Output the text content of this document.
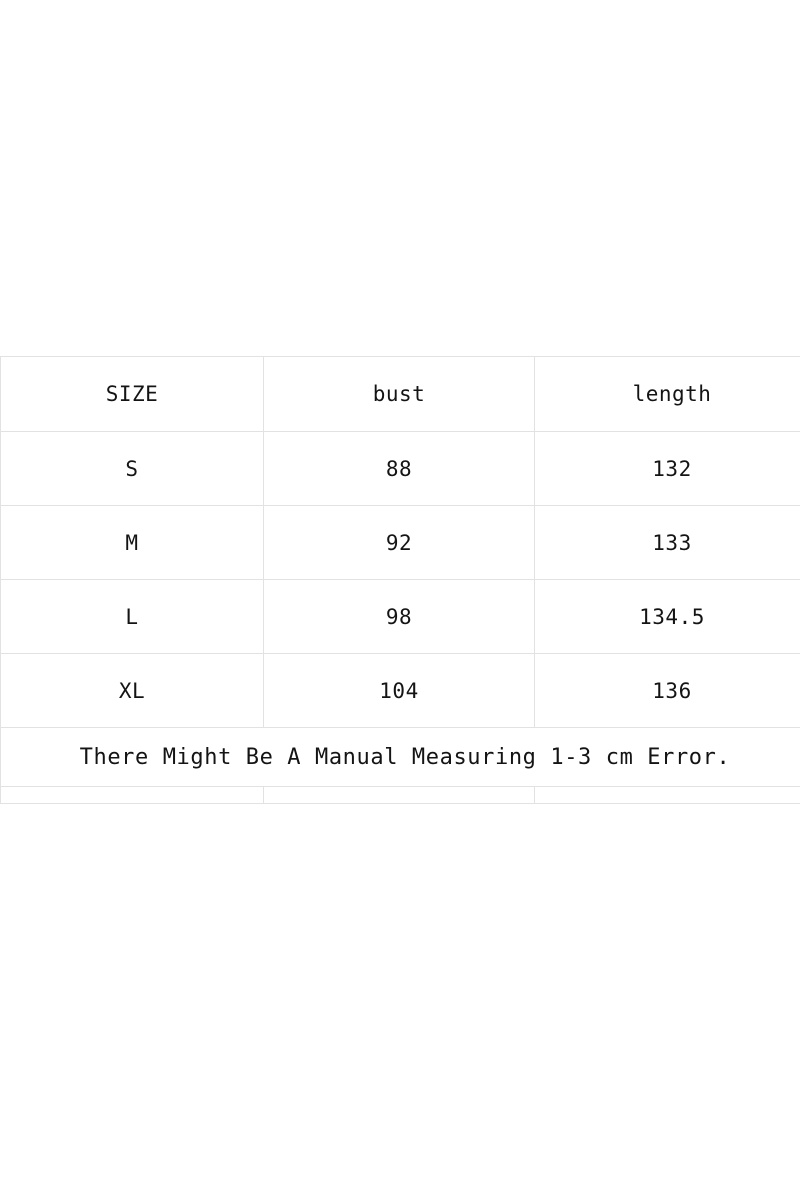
SIZE	bust	length
S	88	132
M	92	133
L	98	134.5
XL	104	136
There Might Be A Manual Measuring 1-3 cm Error.		
